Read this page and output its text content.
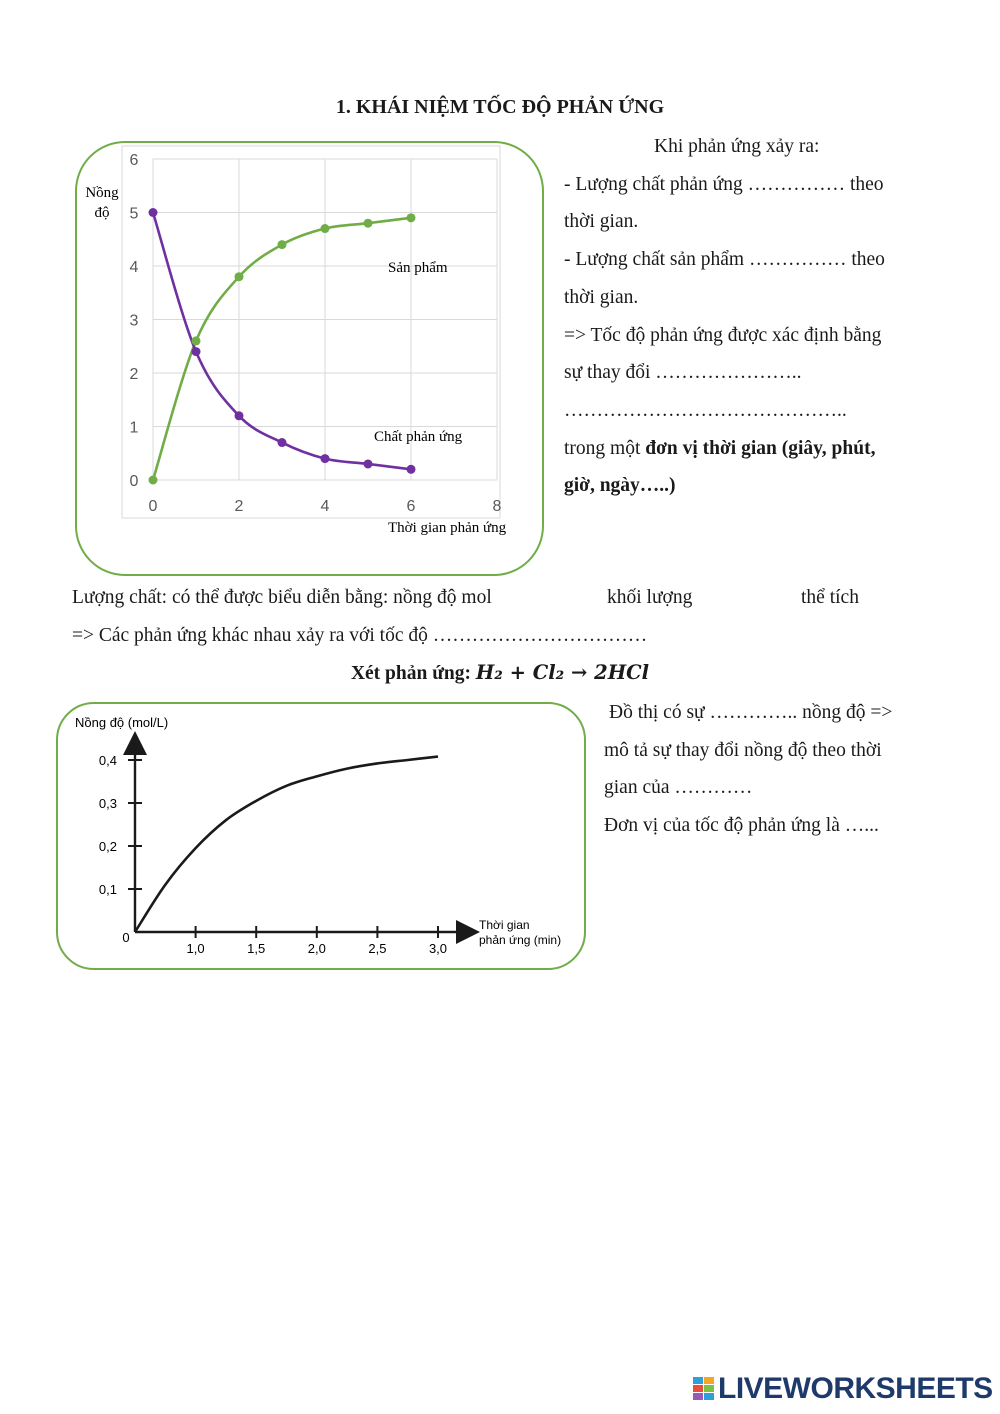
1. KHÁI NIỆM TỐC ĐỘ PHẢN ỨNG
0
1
2
3
4
5
6
0	2	4	6	8
Nồng
độ
Sản phẩm
Chất phản ứng
Thời gian phản ứng

Khi phản ứng xảy ra:

- Lượng chất phản ứng …………… theo

thời gian.

- Lượng chất sản phẩm …………… theo

thời gian.

=> Tốc độ phản ứng được xác định bằng

sự thay đổi …………………..

……………………………………..

trong một đơn vị thời gian (giây, phút,

giờ, ngày…..)

Lượng chất: có thể được biểu diễn bằng: nồng độ mol	khối lượng	thể tích
=> Các phản ứng khác nhau xảy ra với tốc độ ……………………………
Xét phản ứng: H₂ + Cl₂ → 2HCl
1,0	1,5	2,0	2,5	3,0
0,1
0,2
0,3
0,4
Nồng độ (mol/L)
0
Thời gian
phản ứng (min)

Đồ thị có sự ………….. nồng độ =>

mô tả sự thay đổi nồng độ theo thời

gian của …………

Đơn vị của tốc độ phản ứng là …...

LIVEWORKSHEETS
